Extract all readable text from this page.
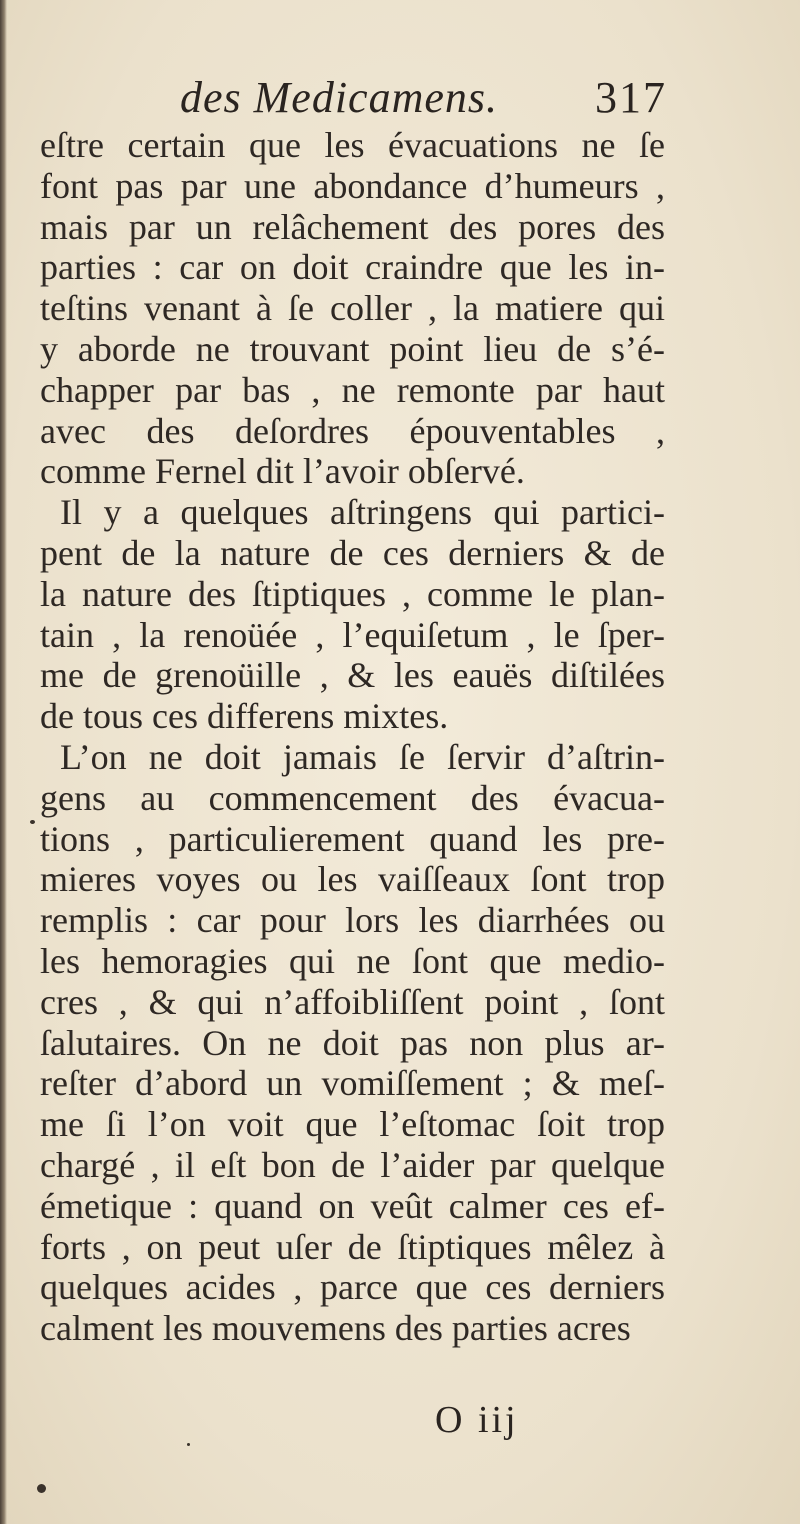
des Medicamens. 317
eſtre certain que les évacuations ne ſe
font pas par une abondance d’humeurs ,
mais par un relâchement des pores des
parties : car on doit craindre que les in-
teſtins venant à ſe coller , la matiere qui
y aborde ne trouvant point lieu de s’é-
chapper par bas , ne remonte par haut
avec des deſordres épouventables ,
comme Fernel dit l’avoir obſervé.
Il y a quelques aſtringens qui partici-
pent de la nature de ces derniers & de
la nature des ſtiptiques , comme le plan-
tain , la renoüée , l’equiſetum , le ſper-
me de grenoüille , & les eauës diſtilées
de tous ces differens mixtes.
L’on ne doit jamais ſe ſervir d’aſtrin-
gens au commencement des évacua-
tions , particulierement quand les pre-
mieres voyes ou les vaiſſeaux ſont trop
remplis : car pour lors les diarrhées ou
les hemoragies qui ne ſont que medio-
cres , & qui n’affoibliſſent point , ſont
ſalutaires. On ne doit pas non plus ar-
reſter d’abord un vomiſſement ; & meſ-
me ſi l’on voit que l’eſtomac ſoit trop
chargé , il eſt bon de l’aider par quelque
émetique : quand on veût calmer ces ef-
forts , on peut uſer de ſtiptiques mêlez à
quelques acides , parce que ces derniers
calment les mouvemens des parties acres
O iij
